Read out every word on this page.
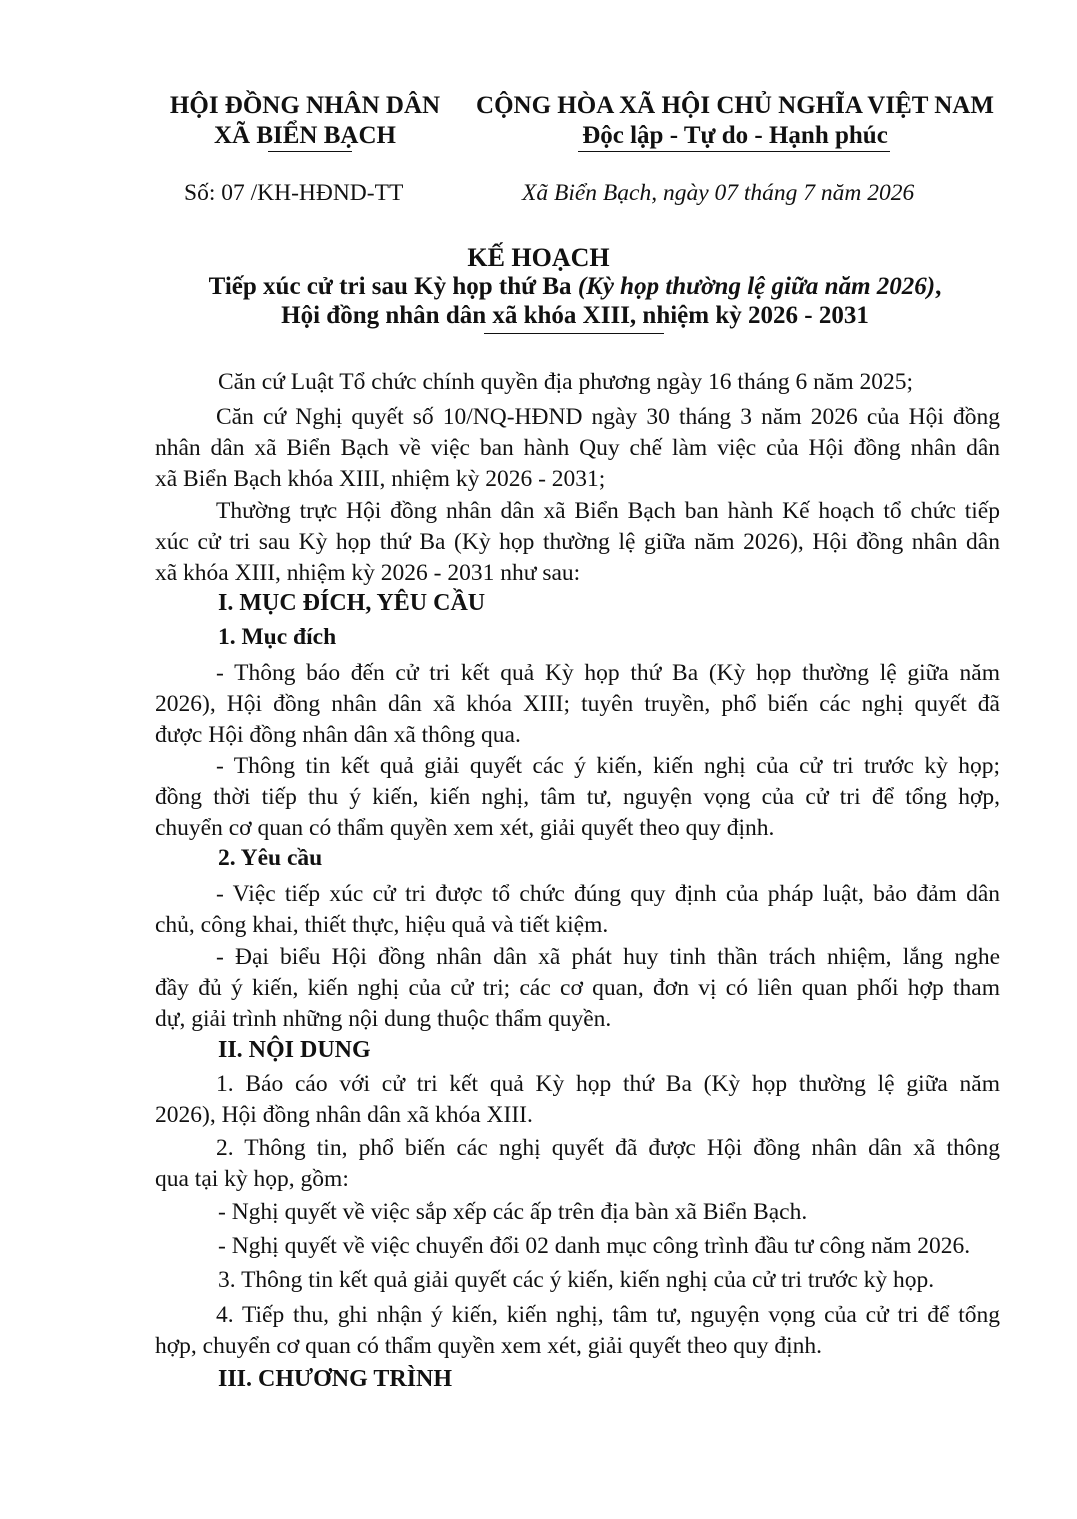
HỘI ĐỒNG NHÂN DÂN
XÃ BIỂN BẠCH
CỘNG HÒA XÃ HỘI CHỦ NGHĨA VIỆT NAM
Độc lập - Tự do - Hạnh phúc
Số: 07 /KH-HĐND-TT	Xã Biển Bạch, ngày 07 tháng 7 năm 2026
KẾ HOẠCH
Tiếp xúc cử tri sau Kỳ họp thứ Ba (Kỳ họp thường lệ giữa năm 2026),
Hội đồng nhân dân xã khóa XIII, nhiệm kỳ 2026 - 2031
Căn cứ Luật Tổ chức chính quyền địa phương ngày 16 tháng 6 năm 2025;
Căn cứ Nghị quyết số 10/NQ-HĐND ngày 30 tháng 3 năm 2026 của Hội đồng
nhân dân xã Biển Bạch về việc ban hành Quy chế làm việc của Hội đồng nhân dân
xã Biển Bạch khóa XIII, nhiệm kỳ 2026 - 2031;
Thường trực Hội đồng nhân dân xã Biển Bạch ban hành Kế hoạch tổ chức tiếp
xúc cử tri sau Kỳ họp thứ Ba (Kỳ họp thường lệ giữa năm 2026), Hội đồng nhân dân
xã khóa XIII, nhiệm kỳ 2026 - 2031 như sau:
I. MỤC ĐÍCH, YÊU CẦU
1. Mục đích
- Thông báo đến cử tri kết quả Kỳ họp thứ Ba (Kỳ họp thường lệ giữa năm
2026), Hội đồng nhân dân xã khóa XIII; tuyên truyền, phổ biến các nghị quyết đã
được Hội đồng nhân dân xã thông qua.
- Thông tin kết quả giải quyết các ý kiến, kiến nghị của cử tri trước kỳ họp;
đồng thời tiếp thu ý kiến, kiến nghị, tâm tư, nguyện vọng của cử tri để tổng hợp,
chuyển cơ quan có thẩm quyền xem xét, giải quyết theo quy định.
2. Yêu cầu
- Việc tiếp xúc cử tri được tổ chức đúng quy định của pháp luật, bảo đảm dân
chủ, công khai, thiết thực, hiệu quả và tiết kiệm.
- Đại biểu Hội đồng nhân dân xã phát huy tinh thần trách nhiệm, lắng nghe
đầy đủ ý kiến, kiến nghị của cử tri; các cơ quan, đơn vị có liên quan phối hợp tham
dự, giải trình những nội dung thuộc thẩm quyền.
II. NỘI DUNG
1. Báo cáo với cử tri kết quả Kỳ họp thứ Ba (Kỳ họp thường lệ giữa năm
2026), Hội đồng nhân dân xã khóa XIII.
2. Thông tin, phổ biến các nghị quyết đã được Hội đồng nhân dân xã thông
qua tại kỳ họp, gồm:
- Nghị quyết về việc sắp xếp các ấp trên địa bàn xã Biển Bạch.
- Nghị quyết về việc chuyển đổi 02 danh mục công trình đầu tư công năm 2026.
3. Thông tin kết quả giải quyết các ý kiến, kiến nghị của cử tri trước kỳ họp.
4. Tiếp thu, ghi nhận ý kiến, kiến nghị, tâm tư, nguyện vọng của cử tri để tổng
hợp, chuyển cơ quan có thẩm quyền xem xét, giải quyết theo quy định.
III. CHƯƠNG TRÌNH
